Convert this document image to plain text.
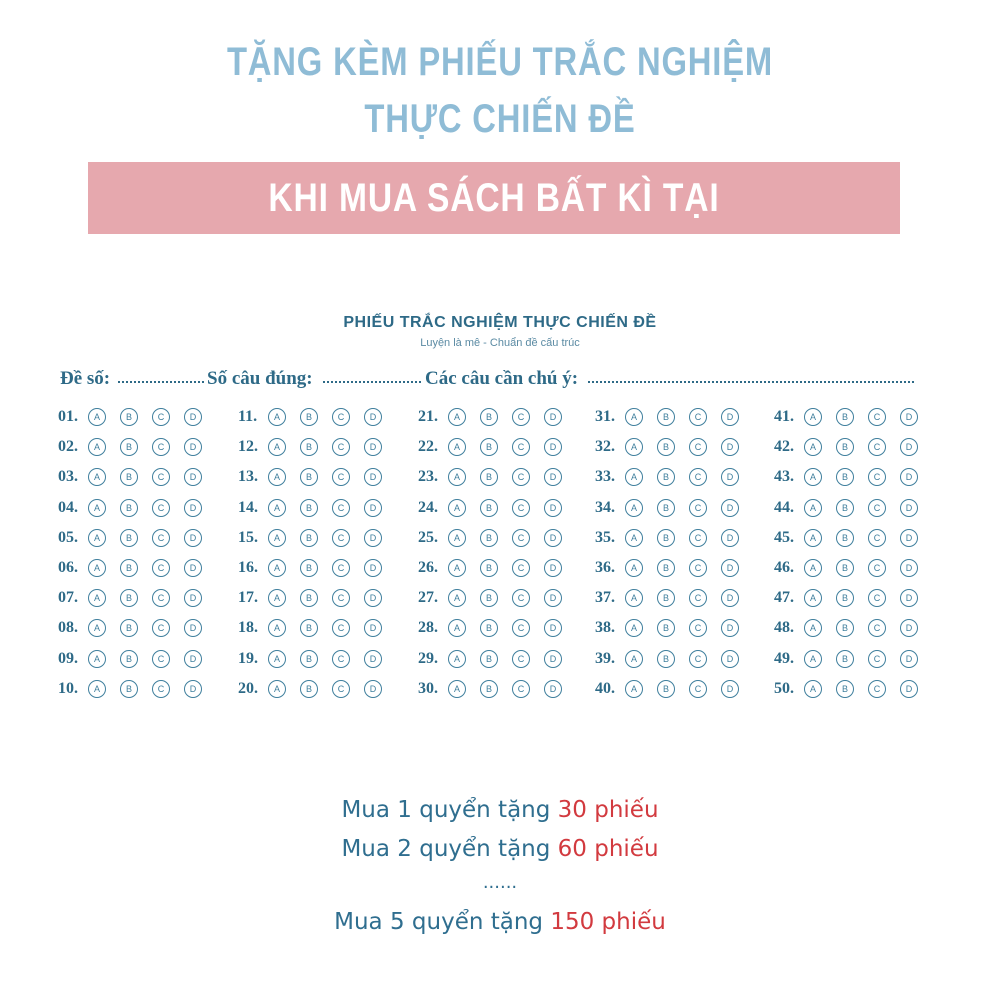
TẶNG KÈM PHIẾU TRẮC NGHIỆM
THỰC CHIẾN ĐỀ
KHI MUA SÁCH BẤT KÌ TẠI TRANGANHBOOK
PHIẾU TRẮC NGHIỆM THỰC CHIẾN ĐỀ
Luyện là mê - Chuẩn đề cấu trúc
Đề số:	Số câu đúng:	Các câu cần chú ý:
01.	A	B	C	D
02.	A	B	C	D
03.	A	B	C	D
04.	A	B	C	D
05.	A	B	C	D
06.	A	B	C	D
07.	A	B	C	D
08.	A	B	C	D
09.	A	B	C	D
10.	A	B	C	D
11.	A	B	C	D
12.	A	B	C	D
13.	A	B	C	D
14.	A	B	C	D
15.	A	B	C	D
16.	A	B	C	D
17.	A	B	C	D
18.	A	B	C	D
19.	A	B	C	D
20.	A	B	C	D
21.	A	B	C	D
22.	A	B	C	D
23.	A	B	C	D
24.	A	B	C	D
25.	A	B	C	D
26.	A	B	C	D
27.	A	B	C	D
28.	A	B	C	D
29.	A	B	C	D
30.	A	B	C	D
31.	A	B	C	D
32.	A	B	C	D
33.	A	B	C	D
34.	A	B	C	D
35.	A	B	C	D
36.	A	B	C	D
37.	A	B	C	D
38.	A	B	C	D
39.	A	B	C	D
40.	A	B	C	D
41.	A	B	C	D
42.	A	B	C	D
43.	A	B	C	D
44.	A	B	C	D
45.	A	B	C	D
46.	A	B	C	D
47.	A	B	C	D
48.	A	B	C	D
49.	A	B	C	D
50.	A	B	C	D
Mua 1 quyển tặng 30 phiếu
Mua 2 quyển tặng 60 phiếu
......
Mua 5 quyển tặng 150 phiếu
